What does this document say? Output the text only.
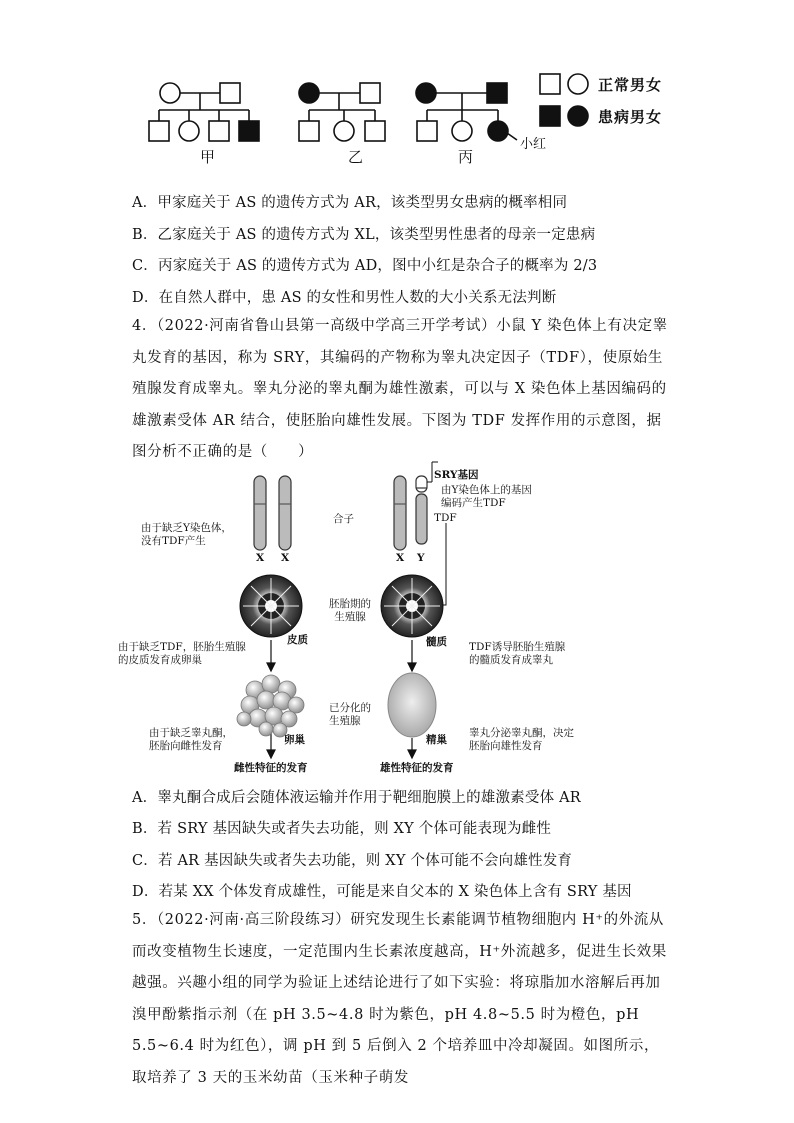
甲	乙	丙
小红
正常男女
患病男女
A．甲家庭关于 AS 的遗传方式为 AR，该类型男女患病的概率相同
B．乙家庭关于 AS 的遗传方式为 XL，该类型男性患者的母亲一定患病
C．丙家庭关于 AS 的遗传方式为 AD，图中小红是杂合子的概率为 2/3
D．在自然人群中，患 AS 的女性和男性人数的大小关系无法判断
4．（2022·河南省鲁山县第一高级中学高三开学考试）小鼠 Y 染色体上有决定睾丸发育的基因，称为 SRY，其编码的产物称为睾丸决定因子（TDF），使原始生殖腺发育成睾丸。睾丸分泌的睾丸酮为雄性激素，可以与 X 染色体上基因编码的雄激素受体 AR 结合，使胚胎向雄性发展。下图为 TDF 发挥作用的示意图，据图分析不正确的是（　　）
由于缺乏Y染色体，
没有TDF产生
合子
X X	X Y
SRY基因
由Y染色体上的基因
编码产生TDF
TDF
胚胎期的
生殖腺
皮质	髓质
由于缺乏TDF，胚胎生殖腺
的皮质发育成卵巢
TDF诱导胚胎生殖腺
的髓质发育成睾丸
已分化的
生殖腺
卵巢	精巢
由于缺乏睾丸酮，
胚胎向雌性发育
睾丸分泌睾丸酮，决定
胚胎向雄性发育
雌性特征的发育	雄性特征的发育
A．睾丸酮合成后会随体液运输并作用于靶细胞膜上的雄激素受体 AR
B．若 SRY 基因缺失或者失去功能，则 XY 个体可能表现为雌性
C．若 AR 基因缺失或者失去功能，则 XY 个体可能不会向雄性发育
D．若某 XX 个体发育成雄性，可能是来自父本的 X 染色体上含有 SRY 基因
5．（2022·河南·高三阶段练习）研究发现生长素能调节植物细胞内 H⁺的外流从而改变植物生长速度，一定范围内生长素浓度越高，H⁺外流越多，促进生长效果越强。兴趣小组的同学为验证上述结论进行了如下实验：将琼脂加水溶解后再加溴甲酚紫指示剂（在 pH 3.5~4.8 时为紫色，pH 4.8~5.5 时为橙色，pH 5.5~6.4 时为红色），调 pH 到 5 后倒入 2 个培养皿中冷却凝固。如图所示，取培养了 3 天的玉米幼苗（玉米种子萌发
